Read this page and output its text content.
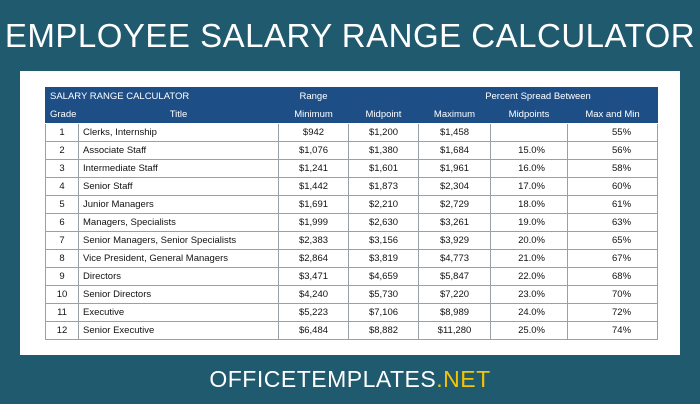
EMPLOYEE SALARY RANGE CALCULATOR
SALARY RANGE CALCULATOR		Range		Percent Spread Between		
Grade	Title	Minimum	Midpoint	Maximum	Midpoints	Max and Min
1	Clerks, Internship	$942	$1,200	$1,458		55%
2	Associate Staff	$1,076	$1,380	$1,684	15.0%	56%
3	Intermediate Staff	$1,241	$1,601	$1,961	16.0%	58%
4	Senior Staff	$1,442	$1,873	$2,304	17.0%	60%
5	Junior Managers	$1,691	$2,210	$2,729	18.0%	61%
6	Managers, Specialists	$1,999	$2,630	$3,261	19.0%	63%
7	Senior Managers, Senior Specialists	$2,383	$3,156	$3,929	20.0%	65%
8	Vice President, General Managers	$2,864	$3,819	$4,773	21.0%	67%
9	Directors	$3,471	$4,659	$5,847	22.0%	68%
10	Senior Directors	$4,240	$5,730	$7,220	23.0%	70%
11	Executive	$5,223	$7,106	$8,989	24.0%	72%
12	Senior Executive	$6,484	$8,882	$11,280	25.0%	74%
OFFICETEMPLATES.NET
